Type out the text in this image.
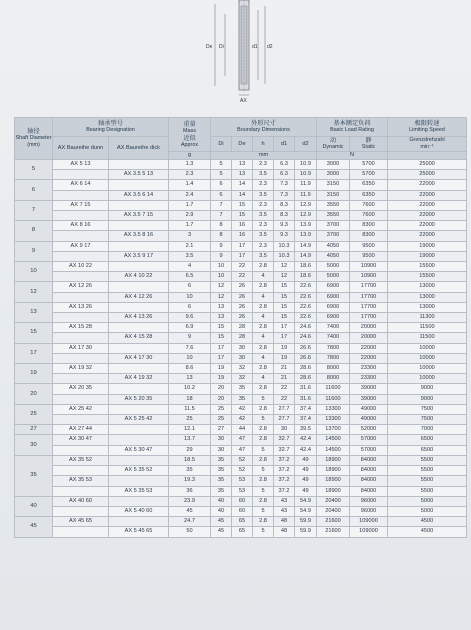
De Di	d1 d2
AX
轴径
Shaft Diameter (mm)	轴承型号
Bearing Designation		重量
Mass
近似
Approx	外形尺寸
Boundary Dimensions					基本额定负荷
Basic Load Rating		极限转速
Limiting Speed

	AX Baureihe dunn	AX Baureihe dick		Di	De	h	d1	d2	动
Dynamic	静
Static	Grenzdrehzahl
min⁻¹

			g	mm					N		
5	AX 5 13		1.3	5	13	2.3	6.3	10.9	3000	5700	25000
		AX 3.5 5 13	2.3	5	13	3.5	6.3	10.9	3000	5700	25000
6	AX 6 14		1.4	6	14	2.3	7.3	11.9	3150	6350	22000
		AX 3.5 6 14	2.4	6	14	3.5	7.3	11.9	3150	6350	22000
7	AX 7 15		1.7	7	15	2.3	8.3	12.9	3550	7600	22000
		AX 3.5 7 15	2.9	7	15	3.5	8.3	12.9	3550	7600	22000
8	AX 8 16		1.7	8	16	2.3	9.3	13.9	3700	8300	22000
		AX 3.5 8 16	3	8	16	3.5	9.3	13.9	3700	8300	22000
9	AX 9 17		2.1	9	17	2.3	10.3	14.9	4050	9500	19000
		AX 3.5 9 17	3.5	9	17	3.5	10.3	14.9	4050	9500	19000
10	AX 10 22		4	10	22	2.8	12	18.6	5000	10900	15500
		AX 4 10 22	6.5	10	22	4	12	18.6	5000	10900	15500
12	AX 12 26		6	12	26	2.8	15	22.6	6900	17700	13000
		AX 4 12 26	10	12	26	4	15	22.6	6900	17700	13000
13	AX 13 26		6	13	26	2.8	15	22.6	6900	17700	13000
		AX 4 13 26	9.6	13	26	4	15	22.6	6900	17700	11300
15	AX 15 28		6.9	15	28	2.8	17	24.6	7400	20000	11500
		AX 4 15 28	9	15	28	4	17	24.6	7400	20000	11500
17	AX 17 30		7.6	17	30	2.8	19	26.6	7800	22000	10000
		AX 4 17 30	10	17	30	4	19	26.6	7800	22000	10000
19	AX 19 32		8.6	19	32	2.8	21	28.6	8000	23300	10000
		AX 4 19 32	13	19	32	4	21	28.6	8000	23300	10000
20	AX 20 35		10.2	20	35	2.8	22	31.6	11600	39000	9000
		AX 5 20 35	18	20	35	5	22	31.6	11600	39000	9000
25	AX 25 42		11.5	25	42	2.8	27.7	37.4	13300	49000	7500
		AX 5 25 42	25	25	42	5	27.7	37.4	13300	49000	7500
27	AX 27 44		12.1	27	44	2.8	30	39.5	13700	52000	7000
30	AX 30 47		13.7	30	47	2.8	32.7	42.4	14500	57000	6500
		AX 5 30 47	29	30	47	5	32.7	42.4	14500	57000	6500
35	AX 35 52		18.5	35	52	2.8	37.2	49	18900	84000	5500
		AX 5 35 52	35	35	52	5	37.2	49	18900	84000	5500
	AX 35 53		19.3	35	53	2.8	37.2	49	18900	84000	5500
		AX 5 35 53	36	35	53	5	37.2	49	18900	84000	5500
40	AX 40 60		23.9	40	60	2.8	43	54.9	20400	96000	5000
		AX 5 40 60	45	40	60	5	43	54.9	20400	96000	5000
45	AX 45 65		24.7	45	65	2.8	48	59.9	21600	109000	4500
		AX 5 45 65	50	45	65	5	48	59.9	21600	109000	4500
